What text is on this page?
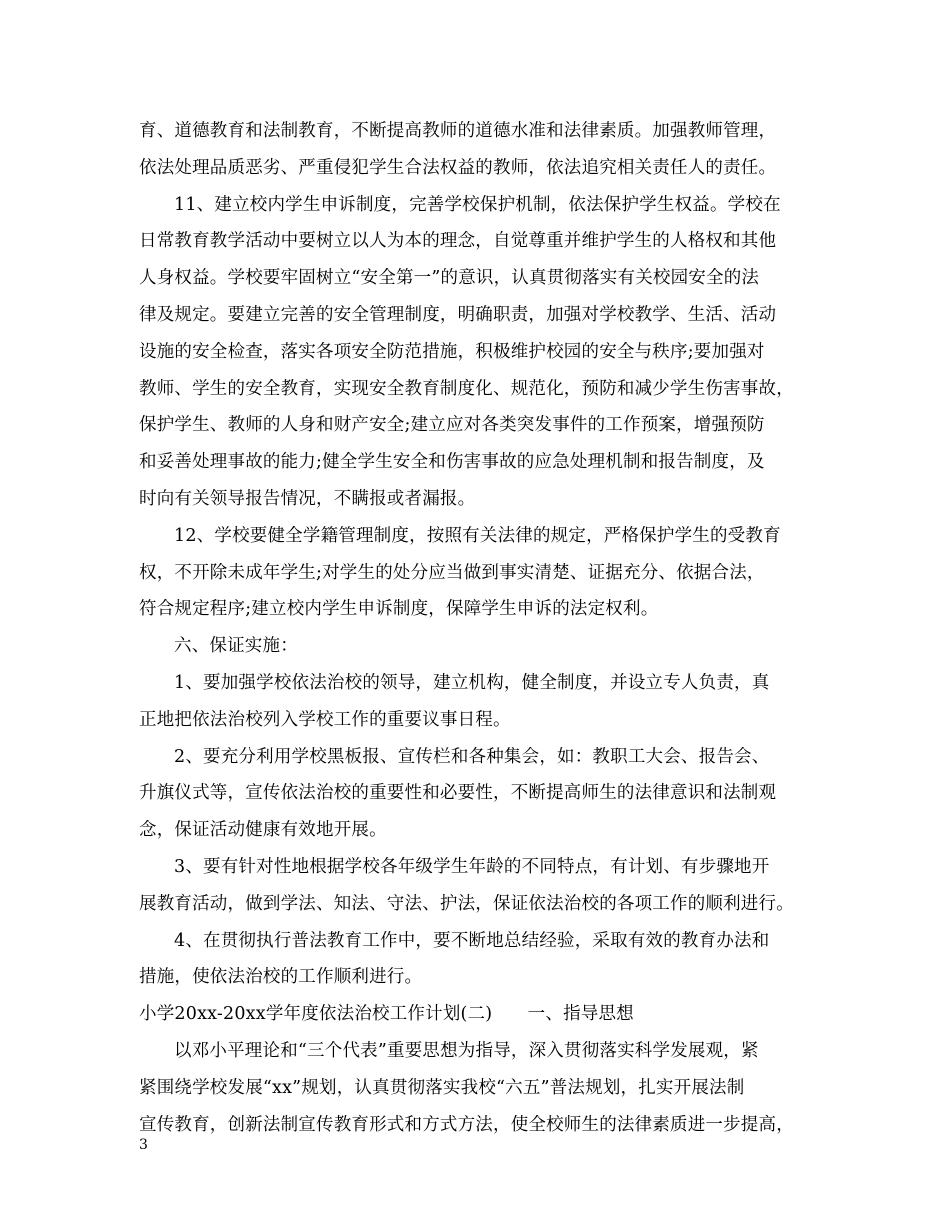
育、道德教育和法制教育，不断提高教师的道德水准和法律素质。加强教师管理，
依法处理品质恶劣、严重侵犯学生合法权益的教师，依法追究相关责任人的责任。
11、建立校内学生申诉制度，完善学校保护机制，依法保护学生权益。学校在
日常教育教学活动中要树立以人为本的理念，自觉尊重并维护学生的人格权和其他
人身权益。学校要牢固树立“安全第一”的意识，认真贯彻落实有关校园安全的法
律及规定。要建立完善的安全管理制度，明确职责，加强对学校教学、生活、活动
设施的安全检查，落实各项安全防范措施，积极维护校园的安全与秩序;要加强对
教师、学生的安全教育，实现安全教育制度化、规范化，预防和减少学生伤害事故，
保护学生、教师的人身和财产安全;建立应对各类突发事件的工作预案，增强预防
和妥善处理事故的能力;健全学生安全和伤害事故的应急处理机制和报告制度，及
时向有关领导报告情况，不瞒报或者漏报。
12、学校要健全学籍管理制度，按照有关法律的规定，严格保护学生的受教育
权，不开除未成年学生;对学生的处分应当做到事实清楚、证据充分、依据合法，
符合规定程序;建立校内学生申诉制度，保障学生申诉的法定权利。
六、保证实施：
1、要加强学校依法治校的领导，建立机构，健全制度，并设立专人负责，真
正地把依法治校列入学校工作的重要议事日程。
2、要充分利用学校黑板报、宣传栏和各种集会，如：教职工大会、报告会、
升旗仪式等，宣传依法治校的重要性和必要性，不断提高师生的法律意识和法制观
念，保证活动健康有效地开展。
3、要有针对性地根据学校各年级学生年龄的不同特点，有计划、有步骤地开
展教育活动，做到学法、知法、守法、护法，保证依法治校的各项工作的顺利进行。
4、在贯彻执行普法教育工作中，要不断地总结经验，采取有效的教育办法和
措施，使依法治校的工作顺利进行。
小学20xx-20xx学年度依法治校工作计划(二)　　一、指导思想
以邓小平理论和“三个代表”重要思想为指导，深入贯彻落实科学发展观，紧
紧围绕学校发展“xx”规划，认真贯彻落实我校“六五”普法规划，扎实开展法制
宣传教育，创新法制宣传教育形式和方式方法，使全校师生的法律素质进一步提高，
3
